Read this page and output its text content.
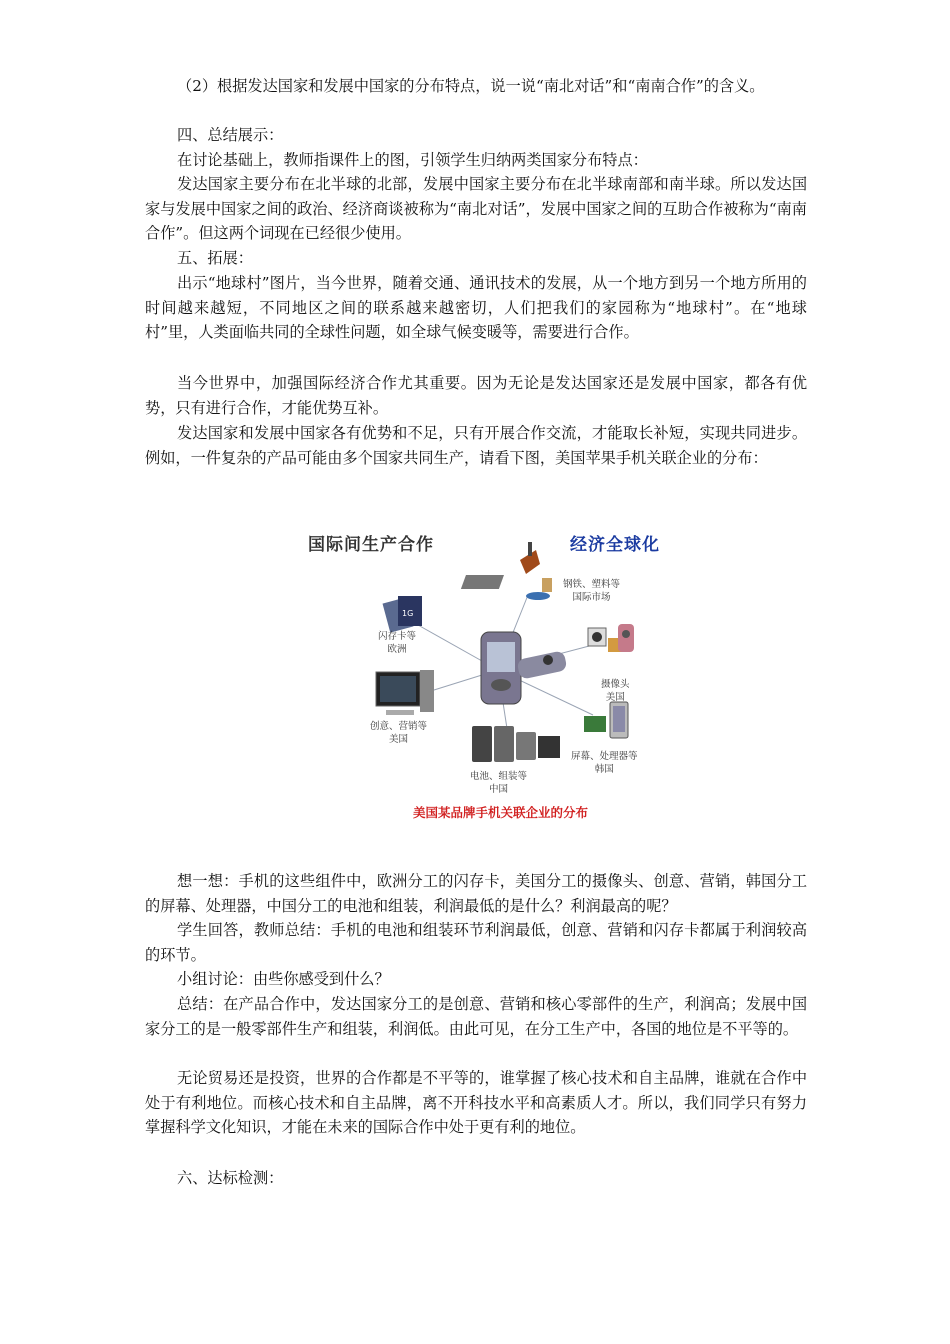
（2）根据发达国家和发展中国家的分布特点，说一说“南北对话”和“南南合作”的含义。

四、总结展示：

在讨论基础上，教师指课件上的图，引领学生归纳两类国家分布特点：

发达国家主要分布在北半球的北部，发展中国家主要分布在北半球南部和南半球。所以发达国家与发展中国家之间的政治、经济商谈被称为“南北对话”，发展中国家之间的互助合作被称为“南南合作”。但这两个词现在已经很少使用。

五、拓展：

出示“地球村”图片，当今世界，随着交通、通讯技术的发展，从一个地方到另一个地方所用的时间越来越短，不同地区之间的联系越来越密切，人们把我们的家园称为“地球村”。在“地球村”里，人类面临共同的全球性问题，如全球气候变暖等，需要进行合作。

当今世界中，加强国际经济合作尤其重要。因为无论是发达国家还是发展中国家，都各有优势，只有进行合作，才能优势互补。

发达国家和发展中国家各有优势和不足，只有开展合作交流，才能取长补短，实现共同进步。例如，一件复杂的产品可能由多个国家共同生产，请看下图，美国苹果手机关联企业的分布：

国际间生产合作	经济全球化
1G
钢铁、塑料等
国际市场
闪存卡等
欧洲
摄像头
美国
创意、营销等
美国
屏幕、处理器等
韩国
电池、组装等
中国
美国某品牌手机关联企业的分布

想一想：手机的这些组件中，欧洲分工的闪存卡，美国分工的摄像头、创意、营销，韩国分工的屏幕、处理器，中国分工的电池和组装，利润最低的是什么？利润最高的呢？

学生回答，教师总结：手机的电池和组装环节利润最低，创意、营销和闪存卡都属于利润较高的环节。

小组讨论：由些你感受到什么？

总结：在产品合作中，发达国家分工的是创意、营销和核心零部件的生产，利润高；发展中国家分工的是一般零部件生产和组装，利润低。由此可见，在分工生产中，各国的地位是不平等的。

无论贸易还是投资，世界的合作都是不平等的，谁掌握了核心技术和自主品牌，谁就在合作中处于有利地位。而核心技术和自主品牌，离不开科技水平和高素质人才。所以，我们同学只有努力掌握科学文化知识，才能在未来的国际合作中处于更有利的地位。

六、达标检测：
